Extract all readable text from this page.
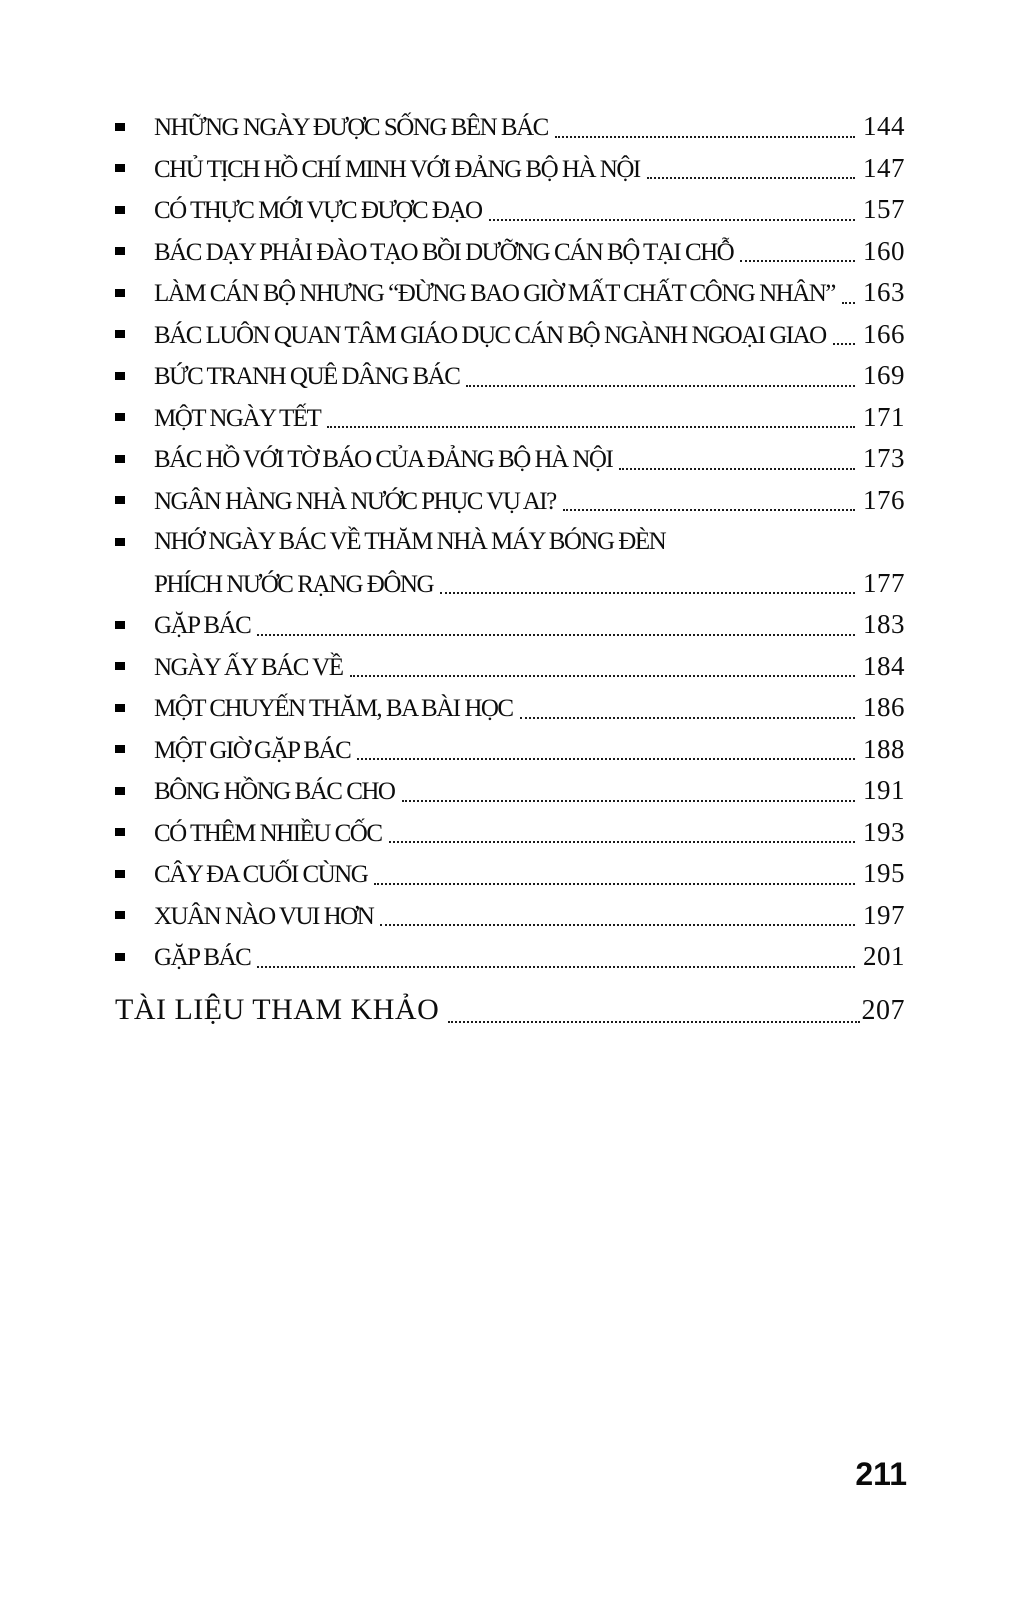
NHỮNG NGÀY ĐƯỢC SỐNG BÊN BÁC	144
CHỦ TỊCH HỒ CHÍ MINH VỚI ĐẢNG BỘ HÀ NỘI	147
CÓ THỰC MỚI VỰC ĐƯỢC ĐẠO	157
BÁC DẠY PHẢI ĐÀO TẠO BỒI DƯỠNG CÁN BỘ TẠI CHỖ	160
LÀM CÁN BỘ NHƯNG “ĐỪNG BAO GIỜ MẤT CHẤT CÔNG NHÂN” 163
BÁC LUÔN QUAN TÂM GIÁO DỤC CÁN BỘ NGÀNH NGOẠI GIAO 166
BỨC TRANH QUÊ DÂNG BÁC	169
MỘT NGÀY TẾT	171
BÁC HỒ VỚI TỜ BÁO CỦA ĐẢNG BỘ HÀ NỘI	173
NGÂN HÀNG NHÀ NƯỚC PHỤC VỤ AI?	176
NHỚ NGÀY BÁC VỀ THĂM NHÀ MÁY BÓNG ĐÈN
PHÍCH NƯỚC RẠNG ĐÔNG	177
GẶP BÁC	183
NGÀY ẤY BÁC VỀ	184
MỘT CHUYẾN THĂM, BA BÀI HỌC	186
MỘT GIỜ GẶP BÁC	188
BÔNG HỒNG BÁC CHO	191
CÓ THÊM NHIỀU CỐC	193
CÂY ĐA CUỐI CÙNG	195
XUÂN NÀO VUI HƠN	197
GẶP BÁC	201
TÀI LIỆU THAM KHẢO	207
211
